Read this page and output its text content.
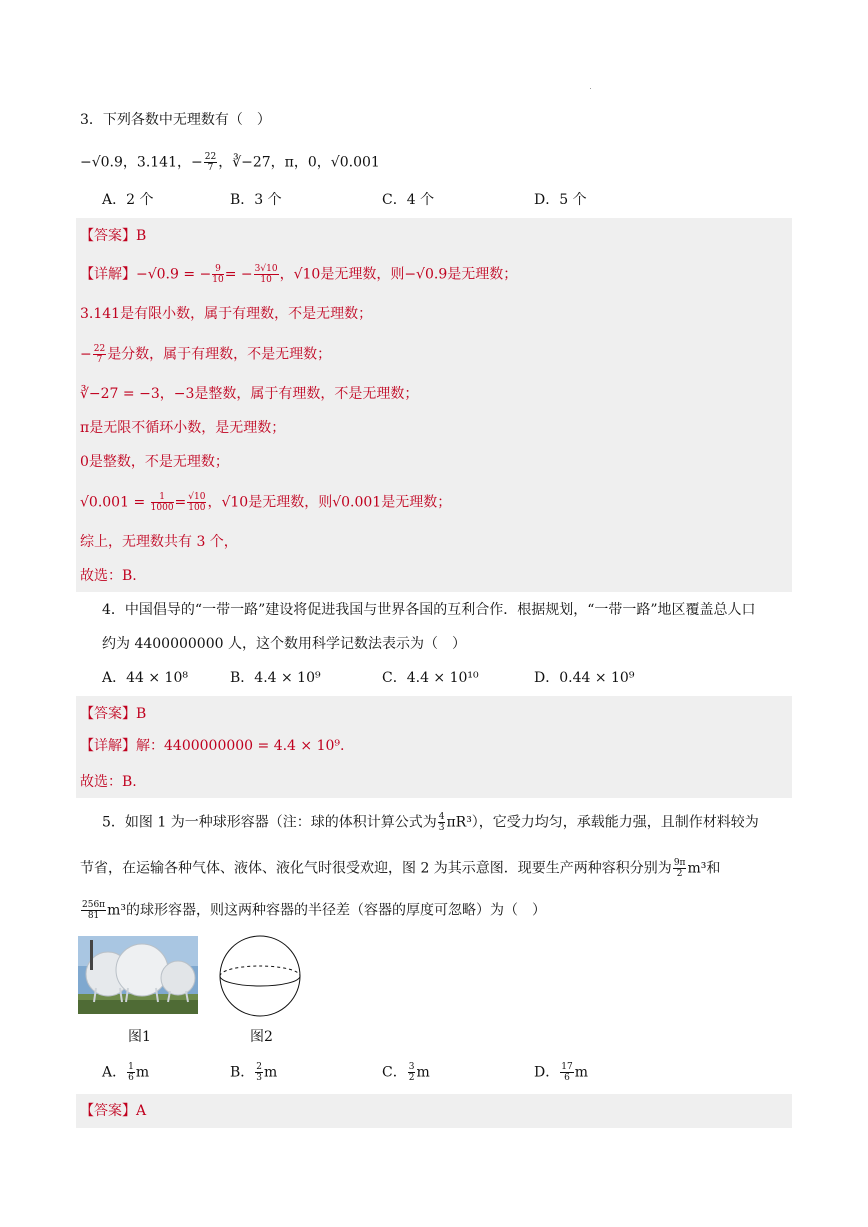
3．下列各数中无理数有（　）
−√0.9，3.141，− $\frac{22}{7}$ ，∛−27，π，0，√0.001
A．2 个	B．3 个	C．4 个	D．5 个
【答案】B
【详解】−√0.9 = − $\frac{9}{10}$ = − $\frac{3√10}{10}$ ，√10是无理数，则−√0.9是无理数；
3.141是有限小数，属于有理数，不是无理数；
− $\frac{22}{7}$ 是分数，属于有理数，不是无理数；
∛−27 = −3，−3是整数，属于有理数，不是无理数；
π是无限不循环小数，是无理数；
0是整数，不是无理数；
$√0.001 = \frac{1}{1000} = \frac{√10}{100}$ ，√10是无理数，则√0.001是无理数；
综上，无理数共有 3 个，
故选：B.
4．中国倡导的“一带一路”建设将促进我国与世界各国的互利合作．根据规划，“一带一路”地区覆盖总人口
约为 4400000000 人，这个数用科学记数法表示为（　）
A．44 × 10⁸	B．4.4 × 10⁹	C．4.4 × 10¹⁰	D．0.44 × 10⁹
【答案】B
【详解】解：4400000000 = 4.4 × 10⁹.
故选：B.
5．如图 1 为一种球形容器（注：球的体积计算公式为 $\frac{4}{3} \pi R^3$），它受力均匀，承载能力强，且制作材料较为
节省，在运输各种气体、液体、液化气时很受欢迎，图 2 为其示意图．现要生产两种容积分别为 $\frac{9\pi}{2} m^3$和
$\frac{256\pi}{81} m^3$的球形容器，则这两种容器的半径差（容器的厚度可忽略）为（　）
图1	图2
A． $\frac{1}{6}$ m	B． $\frac{2}{3}$ m	C． $\frac{3}{2}$ m	D． $\frac{17}{6}$ m
【答案】A
